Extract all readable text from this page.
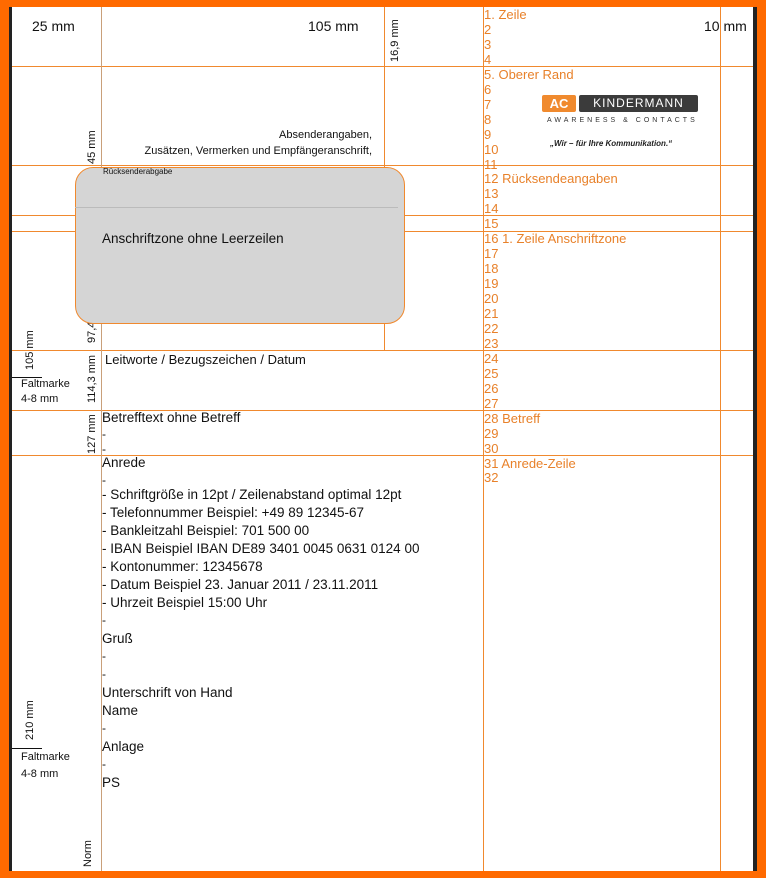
25 mm	105 mm	10 mm
16,9 mm
45 mm
105 mm
114,3 mm
127 mm
210 mm
Norm
Faltmarke
4-8 mm
Faltmarke
4-8 mm
Absenderangaben,
Zusätzen, Vermerken und Empfängeranschrift,
Rücksenderabgabe
Anschriftzone ohne Leerzeilen
Leitworte / Bezugszeichen / Datum
Betrefftext ohne Betreff
-
-
Anrede
-
- Schriftgröße in 12pt / Zeilenabstand optimal 12pt
- Telefonnummer Beispiel: +49 89 12345-67
- Bankleitzahl Beispiel: 701 500 00
- IBAN Beispiel IBAN DE89 3401 0045 0631 0124 00
- Kontonummer: 12345678
- Datum Beispiel 23. Januar 2011 / 23.11.2011
- Uhrzeit Beispiel 15:00 Uhr
-
Gruß
-
-
Unterschrift von Hand
Name
-
Anlage
-
PS
1. Zeile
2
3
4
5. Oberer Rand
6
7
8
9
10
11
12 Rücksendeangaben
13
14
15
16 1. Zeile Anschriftzone
17
18
19
20
21
22
23
24
25
26
27
28 Betreff
29
30
31 Anrede-Zeile
32
AC	KINDERMANN
AWARENESS & CONTACTS
„Wir – für Ihre Kommunikation.“
